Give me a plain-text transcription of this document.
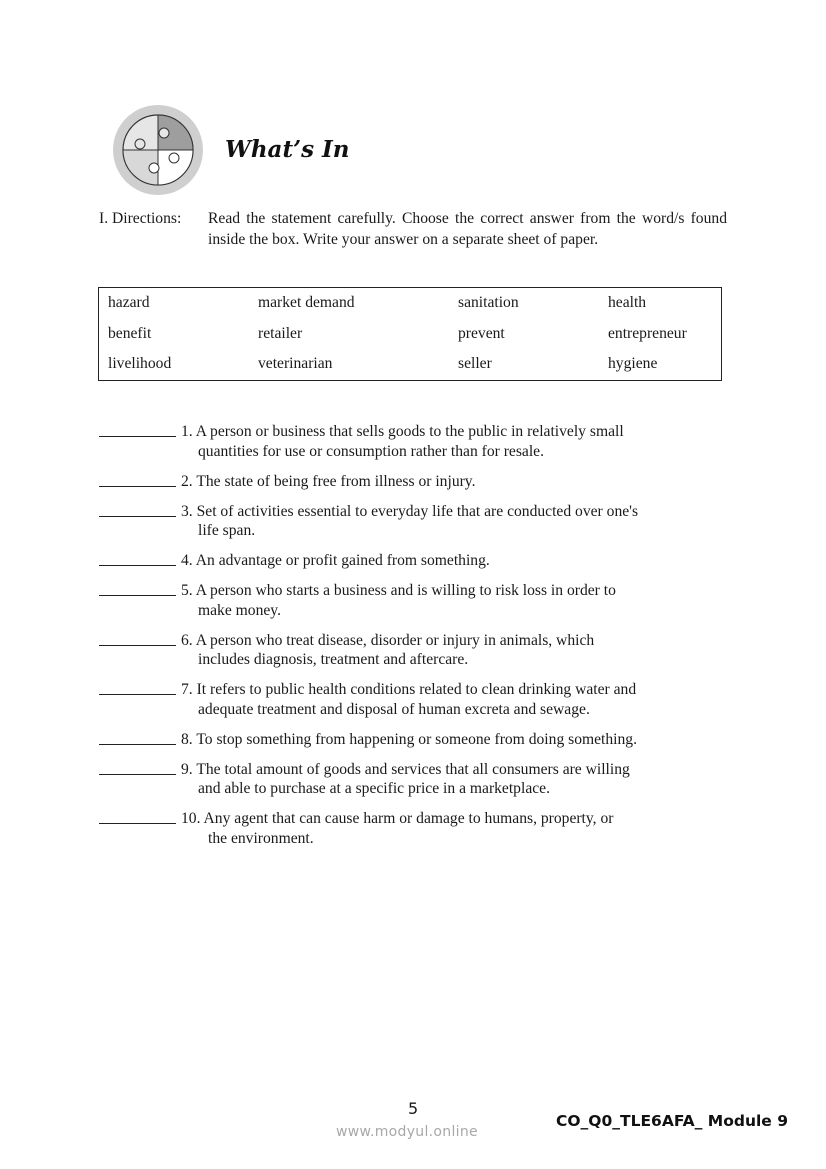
What’s In
I. Directions: Read the statement carefully. Choose the correct answer from the word/s found inside the box. Write your answer on a separate sheet of paper.
hazard	market demand	sanitation	health
benefit	retailer	prevent	entrepreneur
livelihood	veterinarian	seller	hygiene
1. A person or business that sells goods to the public in relatively small
quantities for use or consumption rather than for resale.
2. The state of being free from illness or injury.
3. Set of activities essential to everyday life that are conducted over one's
life span.
4. An advantage or profit gained from something.
5. A person who starts a business and is willing to risk loss in order to
make money.
6. A person who treat disease, disorder or injury in animals, which
includes diagnosis, treatment and aftercare.
7. It refers to public health conditions related to clean drinking water and
adequate treatment and disposal of human excreta and sewage.
8. To stop something from happening or someone from doing something.
9. The total amount of goods and services that all consumers are willing
and able to purchase at a specific price in a marketplace.
10. Any agent that can cause harm or damage to humans, property, or
the environment.
5
www.modyul.online
CO_Q0_TLE6AFA_ Module 9
